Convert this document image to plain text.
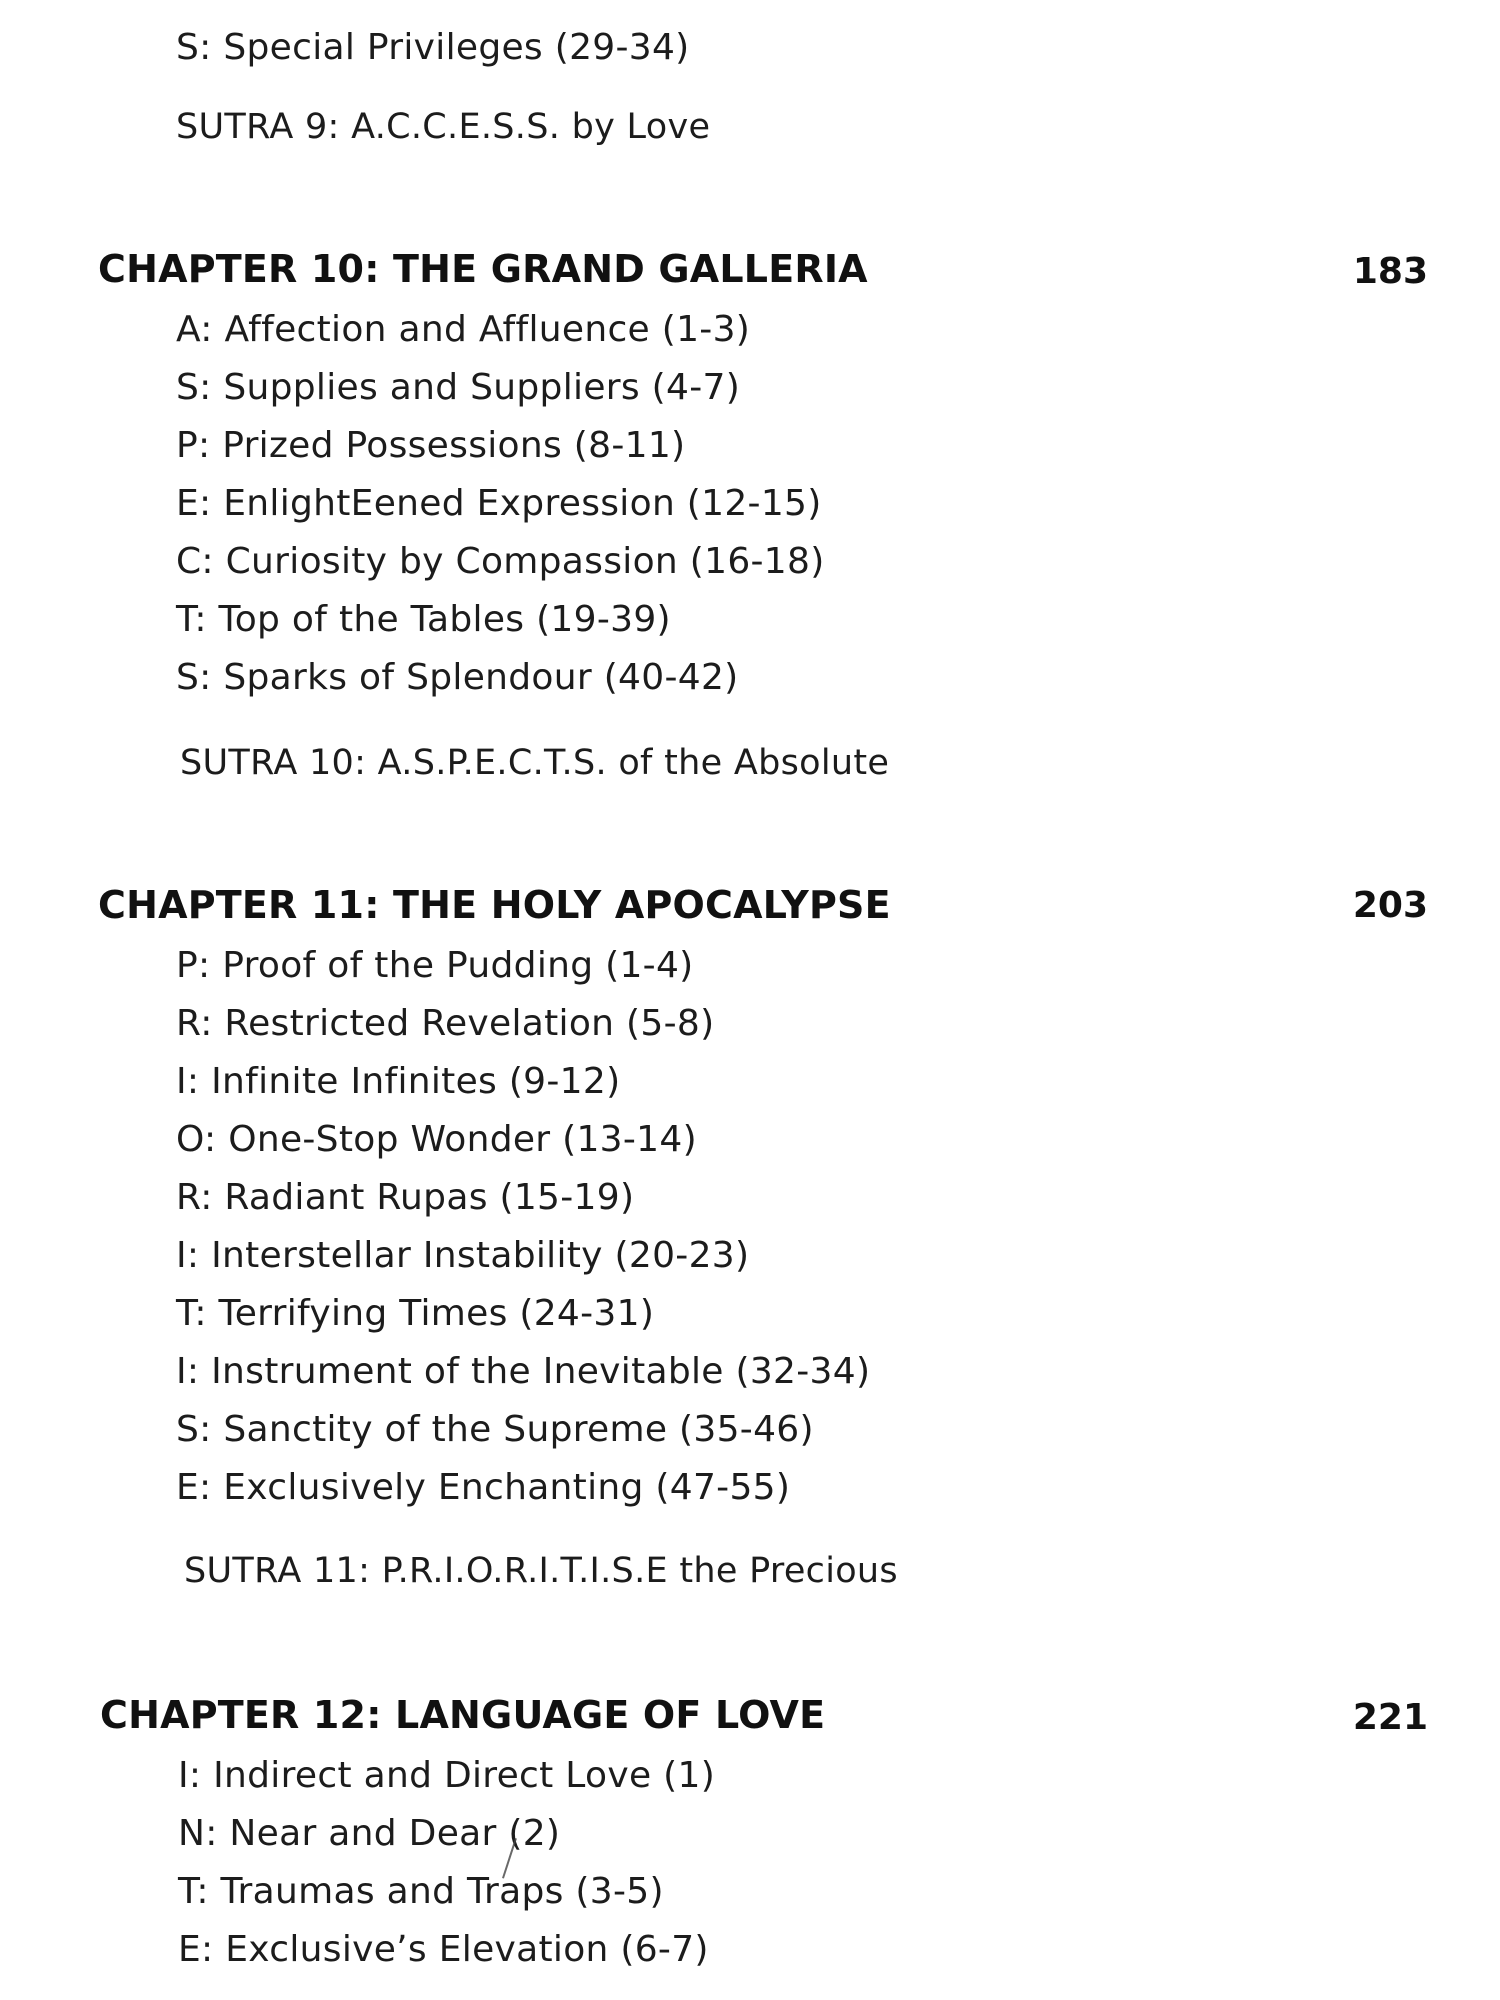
S: Special Privileges (29-34)
SUTRA 9: A.C.C.E.S.S. by Love
CHAPTER 10: THE GRAND GALLERIA	183
A: Affection and Affluence (1-3)
S: Supplies and Suppliers (4-7)
P: Prized Possessions (8-11)
E: EnlightEened Expression (12-15)
C: Curiosity by Compassion (16-18)
T: Top of the Tables (19-39)
S: Sparks of Splendour (40-42)
SUTRA 10: A.S.P.E.C.T.S. of the Absolute
CHAPTER 11: THE HOLY APOCALYPSE	203
P: Proof of the Pudding (1-4)
R: Restricted Revelation (5-8)
I: Infinite Infinites (9-12)
O: One-Stop Wonder (13-14)
R: Radiant Rupas (15-19)
I: Interstellar Instability (20-23)
T: Terrifying Times (24-31)
I: Instrument of the Inevitable (32-34)
S: Sanctity of the Supreme (35-46)
E: Exclusively Enchanting (47-55)
SUTRA 11: P.R.I.O.R.I.T.I.S.E the Precious
CHAPTER 12: LANGUAGE OF LOVE	221
I: Indirect and Direct Love (1)
N: Near and Dear (2)
T: Traumas and Traps (3-5)
E: Exclusive’s Elevation (6-7)
